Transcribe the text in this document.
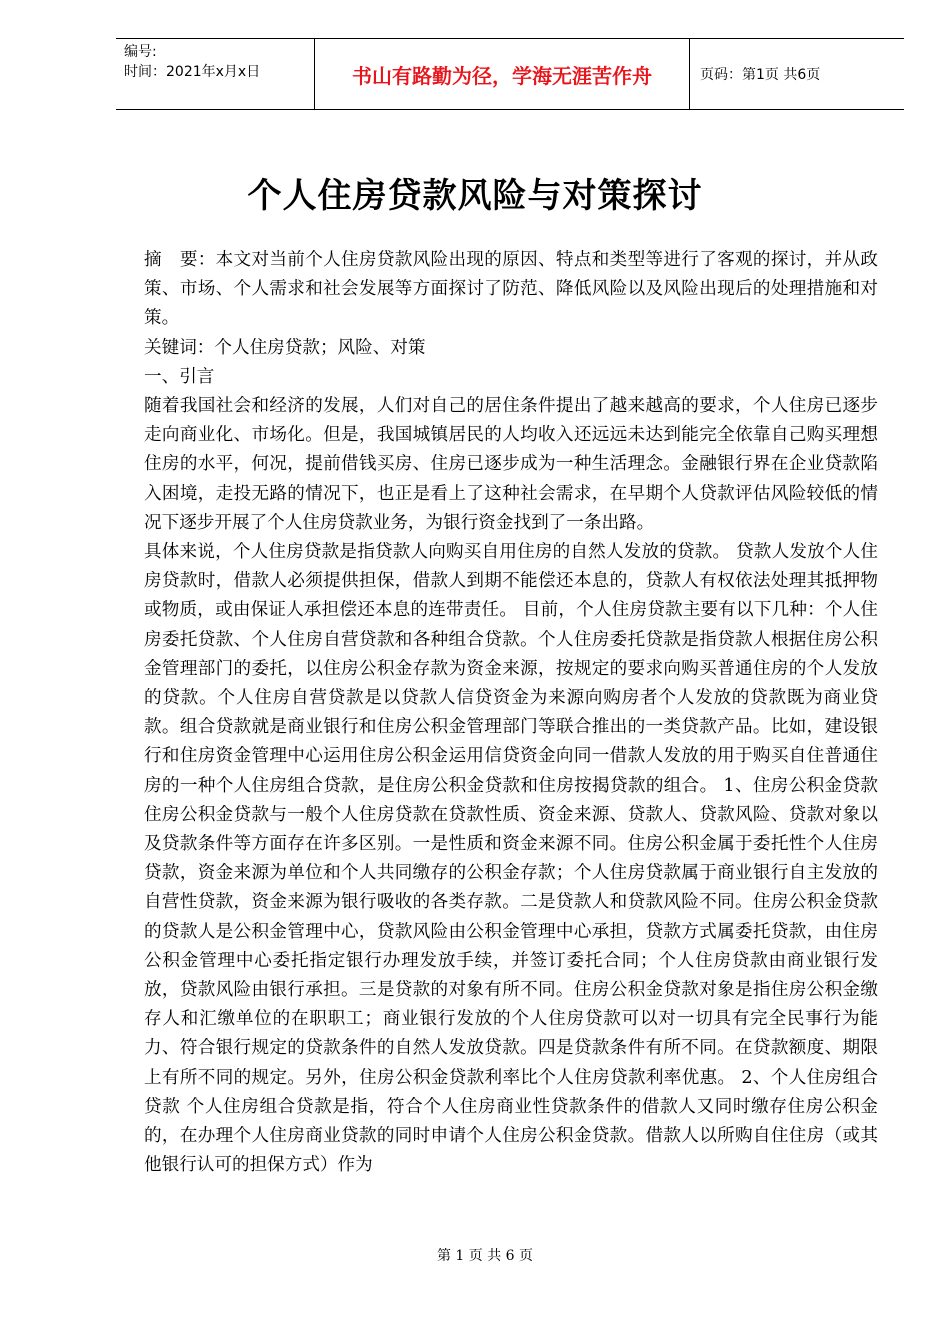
编号:
时间：2021年x月x日	书山有路勤为径，学海无涯苦作舟	页码：第1页 共6页
个人住房贷款风险与对策探讨

摘　要：本文对当前个人住房贷款风险出现的原因、特点和类型等进行了客观的探讨，并从政策、市场、个人需求和社会发展等方面探讨了防范、降低风险以及风险出现后的处理措施和对策。

关键词：个人住房贷款；风险、对策

一、引言

随着我国社会和经济的发展，人们对自己的居住条件提出了越来越高的要求，个人住房已逐步走向商业化、市场化。但是，我国城镇居民的人均收入还远远未达到能完全依靠自己购买理想住房的水平，何况，提前借钱买房、住房已逐步成为一种生活理念。金融银行界在企业贷款陷入困境，走投无路的情况下，也正是看上了这种社会需求，在早期个人贷款评估风险较低的情况下逐步开展了个人住房贷款业务，为银行资金找到了一条出路。

具体来说，个人住房贷款是指贷款人向购买自用住房的自然人发放的贷款。 贷款人发放个人住房贷款时，借款人必须提供担保，借款人到期不能偿还本息的，贷款人有权依法处理其抵押物或物质，或由保证人承担偿还本息的连带责任。 目前，个人住房贷款主要有以下几种：个人住房委托贷款、个人住房自营贷款和各种组合贷款。个人住房委托贷款是指贷款人根据住房公积金管理部门的委托，以住房公积金存款为资金来源，按规定的要求向购买普通住房的个人发放的贷款。个人住房自营贷款是以贷款人信贷资金为来源向购房者个人发放的贷款既为商业贷款。组合贷款就是商业银行和住房公积金管理部门等联合推出的一类贷款产品。比如，建设银行和住房资金管理中心运用住房公积金运用信贷资金向同一借款人发放的用于购买自住普通住房的一种个人住房组合贷款，是住房公积金贷款和住房按揭贷款的组合。 1、住房公积金贷款 住房公积金贷款与一般个人住房贷款在贷款性质、资金来源、贷款人、贷款风险、贷款对象以及贷款条件等方面存在许多区别。一是性质和资金来源不同。住房公积金属于委托性个人住房贷款，资金来源为单位和个人共同缴存的公积金存款；个人住房贷款属于商业银行自主发放的自营性贷款，资金来源为银行吸收的各类存款。二是贷款人和贷款风险不同。住房公积金贷款的贷款人是公积金管理中心，贷款风险由公积金管理中心承担，贷款方式属委托贷款，由住房公积金管理中心委托指定银行办理发放手续，并签订委托合同；个人住房贷款由商业银行发放，贷款风险由银行承担。三是贷款的对象有所不同。住房公积金贷款对象是指住房公积金缴存人和汇缴单位的在职职工；商业银行发放的个人住房贷款可以对一切具有完全民事行为能力、符合银行规定的贷款条件的自然人发放贷款。四是贷款条件有所不同。在贷款额度、期限上有所不同的规定。另外，住房公积金贷款利率比个人住房贷款利率优惠。 2、个人住房组合贷款 个人住房组合贷款是指，符合个人住房商业性贷款条件的借款人又同时缴存住房公积金的，在办理个人住房商业贷款的同时申请个人住房公积金贷款。借款人以所购自住住房（或其他银行认可的担保方式）作为

第 1 页 共 6 页
